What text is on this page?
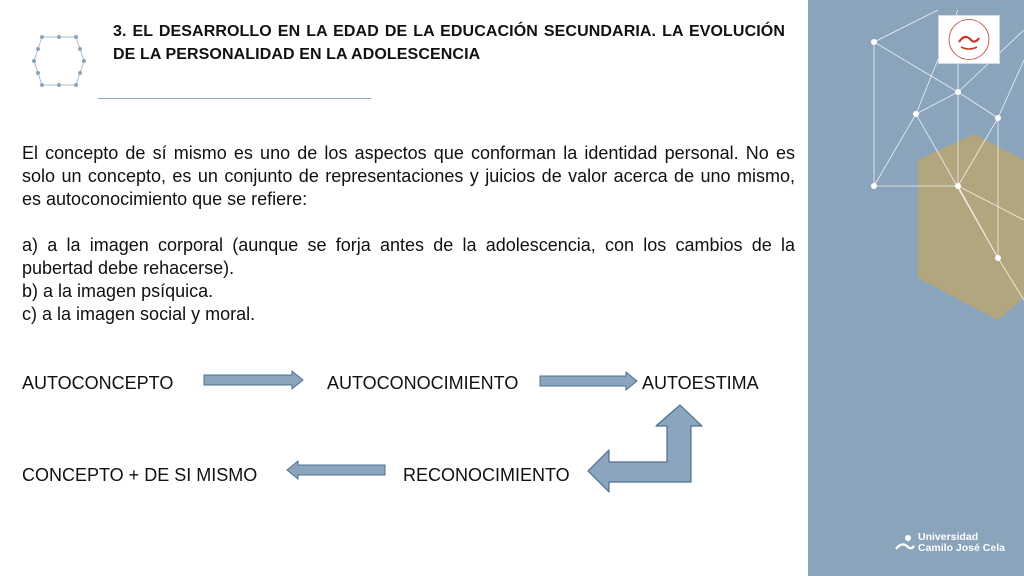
3. EL DESARROLLO EN LA EDAD DE LA EDUCACIÓN SECUNDARIA. LA EVOLUCIÓN DE LA PERSONALIDAD EN LA ADOLESCENCIA

El concepto de sí mismo es uno de los aspectos que conforman la identidad personal. No es solo un concepto, es un conjunto de representaciones y juicios de valor acerca de uno mismo, es autoconocimiento que se refiere:

a) a la imagen corporal (aunque se forja antes de la adolescencia, con los cambios de la pubertad debe rehacerse).
b) a la imagen psíquica.
c) a la imagen social y moral.

AUTOCONCEPTO	AUTOCONOCIMIENTO	AUTOESTIMA
CONCEPTO + DE SI MISMO	RECONOCIMIENTO
Universidad
Camilo José Cela
